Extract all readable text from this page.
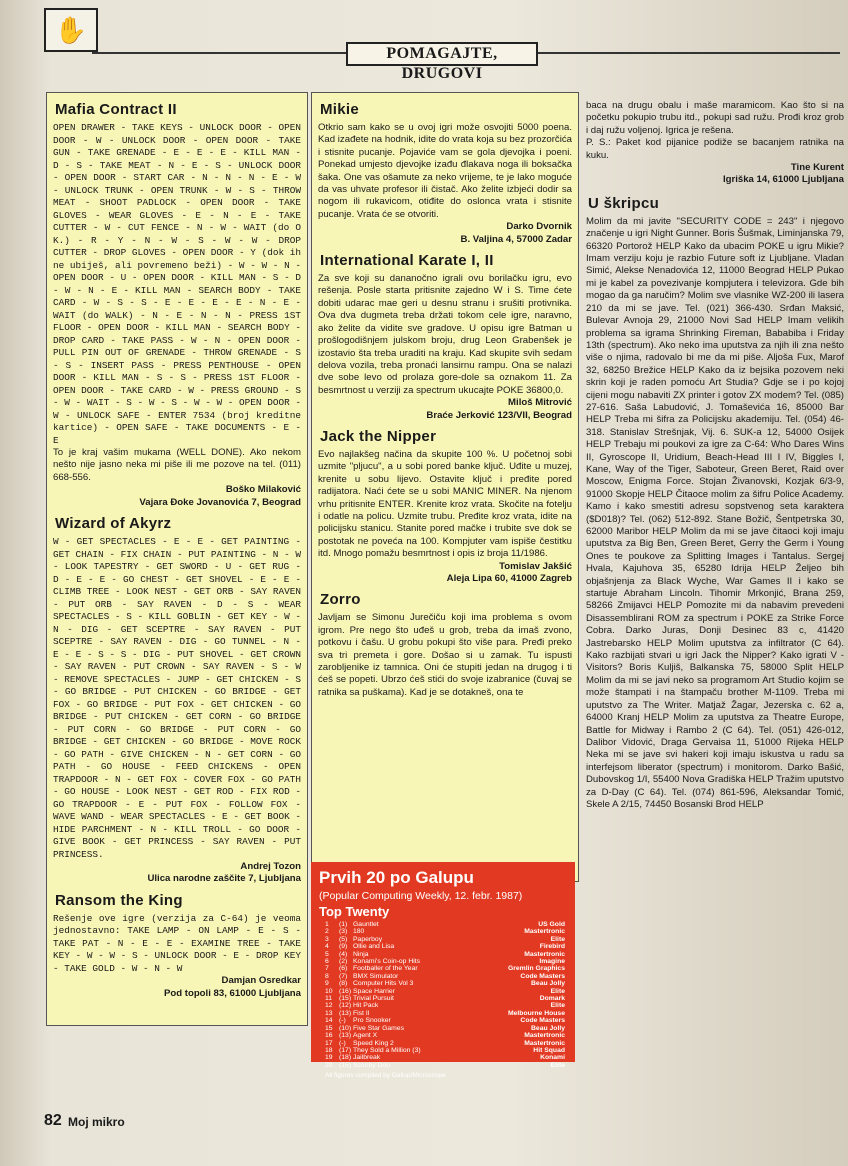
✋
POMAGAJTE, DRUGOVI
Mafia Contract II

OPEN DRAWER - TAKE KEYS - UNLOCK DOOR - OPEN DOOR - W - UNLOCK DOOR - OPEN DOOR - TAKE GUN - TAKE GRENADE - E - E - E - KILL MAN - D - S - TAKE MEAT - N - E - S - UNLOCK DOOR - OPEN DOOR - START CAR - N - N - N - E - W - UNLOCK TRUNK - OPEN TRUNK - W - S - THROW MEAT - SHOOT PADLOCK - OPEN DOOR - TAKE GLOVES - WEAR GLOVES - E - N - E - TAKE CUTTER - W - CUT FENCE - N - W - WAIT (do O K.) - R - Y - N - W - S - W - W - DROP CUTTER - DROP GLOVES - OPEN DOOR - Y (dok ih ne ubiješ, ali povremeno beži) - W - W - N - OPEN DOOR - U - OPEN DOOR - KILL MAN - S - D - W - N - E - KILL MAN - SEARCH BODY - TAKE CARD - W - S - S - E - E - E - E - N - E - WAIT (do WALK) - N - E - N - N - PRESS 1ST FLOOR - OPEN DOOR - KILL MAN - SEARCH BODY - DROP CARD - TAKE PASS - W - N - OPEN DOOR - PULL PIN OUT OF GRENADE - THROW GRENADE - S - S - INSERT PASS - PRESS PENTHOUSE - OPEN DOOR - KILL MAN - S - S - PRESS 1ST FLOOR - OPEN DOOR - TAKE CARD - W - PRESS GROUND - S - W - WAIT - S - W - S - W - W - OPEN DOOR - W - UNLOCK SAFE - ENTER 7534 (broj kreditne kartice) - OPEN SAFE - TAKE DOCUMENTS - E - E

To je kraj vašim mukama (WELL DONE). Ako nekom nešto nije jasno neka mi piše ili me pozove na tel. (011) 668-556.

Boško Milaković

Vajara Đoke Jovanovića 7, Beograd

Wizard of Akyrz

W - GET SPECTACLES - E - E - GET PAINTING - GET CHAIN - FIX CHAIN - PUT PAINTING - N - W - LOOK TAPESTRY - GET SWORD - U - GET RUG - D - E - E - GO CHEST - GET SHOVEL - E - E - CLIMB TREE - LOOK NEST - GET ORB - SAY RAVEN - PUT ORB - SAY RAVEN - D - S - WEAR SPECTACLES - S - KILL GOBLIN - GET KEY - W - N - DIG - GET SCEPTRE - SAY RAVEN - PUT SCEPTRE - SAY RAVEN - DIG - GO TUNNEL - N - E - E - S - S - DIG - PUT SHOVEL - GET CROWN - SAY RAVEN - PUT CROWN - SAY RAVEN - S - W - REMOVE SPECTACLES - JUMP - GET CHICKEN - S - GO BRIDGE - PUT CHICKEN - GO BRIDGE - GET FOX - GO BRIDGE - PUT FOX - GET CHICKEN - GO BRIDGE - PUT CHICKEN - GET CORN - GO BRIDGE - PUT CORN - GO BRIDGE - PUT CORN - GO BRIDGE - GET CHICKEN - GO BRIDGE - MOVE ROCK - GO PATH - GIVE CHICKEN - N - GET CORN - GO PATH - GO HOUSE - FEED CHICKENS - OPEN TRAPDOOR - N - GET FOX - COVER FOX - GO PATH - GO HOUSE - LOOK NEST - GET ROD - FIX ROD - GO TRAPDOOR - E - PUT FOX - FOLLOW FOX - WAVE WAND - WEAR SPECTACLES - E - GET BOOK - HIDE PARCHMENT - N - KILL TROLL - GO DOOR - GIVE BOOK - GET PRINCESS - SAY RAVEN - PUT PRINCESS.

Andrej Tozon

Ulica narodne zaščite 7, Ljubljana

Ransom the King

Rešenje ove igre (verzija za C-64) je veoma jednostavno: TAKE LAMP - ON LAMP - E - S - TAKE PAT - N - E - E - EXAMINE TREE - TAKE KEY - W - W - S - UNLOCK DOOR - E - DROP KEY - TAKE GOLD - W - N - W

Damjan Osredkar

Pod topoli 83, 61000 Ljubljana

Mikie

Otkrio sam kako se u ovoj igri može osvojiti 5000 poena. Kad izađete na hodnik, idite do vrata koja su bez prozorčića i stisnite pucanje. Pojaviće vam se gola djevojka i poeni. Ponekad umjesto djevojke izađu đlakava noga ili boksačka šaka. One vas ošamute za neko vrijeme, te je lako moguće da vas uhvate profesor ili čistač. Ako želite izbjeći dodir sa nogom ili rukavicom, otiđite do oslonca vrata i stisnite pucanje. Vrata će se otvoriti.

Darko Dvornik

B. Valjina 4, 57000 Zadar

International Karate I, II

Za sve koji su dananočno igrali ovu borilačku igru, evo rešenja. Posle starta pritisnite zajedno W i S. Time ćete dobiti udarac mae geri u desnu stranu i srušiti protivnika. Ova dva dugmeta treba držati tokom cele igre, naravno, ako želite da vidite sve gradove. U opisu igre Batman u prošlogodišnjem julskom broju, drug Leon Grabenšek je izostavio šta treba uraditi na kraju. Kad skupite svih sedam delova vozila, treba pronaći lansirnu rampu. Ona se nalazi dve sobe levo od prolaza gore-dole sa oznakom 11. Za besmrtnost u verziji za spectrum ukucajte POKE 36800,0.

Miloš Mitrović

Braće Jerković 123/VII, Beograd

Jack the Nipper

Evo najlakšeg načina da skupite 100 %. U početnoj sobi uzmite "pljucu", a u sobi pored banke ključ. Uđite u muzej, krenite u sobu lijevo. Ostavite ključ i pređite pored radijatora. Naći ćete se u sobi MANIC MINER. Na njenom vrhu pritisnite ENTER. Krenite kroz vrata. Skočite na fotelju i odatle na policu. Uzmite trubu. Pređite kroz vrata, idite na policijsku stanicu. Stanite pored mačke i trubite sve dok se postotak ne poveća na 100. Kompjuter vam ispiše čestitku itd. Mnogo pomažu besmrtnost i opis iz broja 11/1986.

Tomislav Jakšić

Aleja Lipa 60, 41000 Zagreb

Zorro

Javljam se Simonu Jurečiču koji ima problema s ovom igrom. Pre nego što uđeš u grob, treba da imaš zvono, potkovu i čašu. U grobu pokupi što više para. Pređi preko sva tri premeta i gore. Došao si u zamak. Tu ispusti zarobljenike iz tamnica. Oni će stupiti jedan na drugog i ti ćeš se popeti. Ubrzo ćeš stići do svoje izabranice (čuvaj se ratnika sa puškama). Kad je se dotakneš, ona te

Prvih 20 po Galupu
(Popular Computing Weekly, 12. febr. 1987)
Top Twenty
1	(1) Gauntlet	US Gold
2	(3) 180	Mastertronic
3	(5) Paperboy	Elite
4	(9) Ollie and Lisa	Firebird
5	(4) Ninja	Mastertronic
6	(2) Konami's Coin-op Hits	Imagine
7	(6) Footballer of the Year	Gremlin Graphics
8	(7) BMX Simulator	Code Masters
9	(8) Computer Hits Vol 3	Beau Jolly
10 (16) Space Harrier	Elite
11	(15) Trivial Pursuit	Domark
12 (12) Hit Pack	Elite
13 (13) Fist II	Melbourne House
14 (-)	Pro Snooker	Code Masters
15 (10) Five Star Games	Beau Jolly
16 (13) Agent X	Mastertronic
17 (-)	Speed King 2	Mastertronic
18 (17) They Sold a Million (3)	Hit Squad
19 (18) Jailbreak	Konami
20 (15) Scooby Doo	Elite
All figures compiled by Gallup/Microscope

baca na drugu obalu i maše maramicom. Kao što si na početku pokupio trubu itd., pokupi sad ružu. Prođi kroz grob i daj ružu voljenoj. Igrica je rešena.

P. S.: Paket kod pijanice podiže se bacanjem ratnika na kuku.

Tine Kurent

Igriška 14, 61000 Ljubljana

U škripcu

Molim da mi javite "SECURITY CODE = 243" i njegovo značenje u igri Night Gunner. Boris Šušmak, Liminjanska 79, 66320 Portorož HELP Kako da ubacim POKE u igru Mikie? Imam verziju koju je razbio Future soft iz Ljubljane. Vladan Simić, Alekse Nenadovića 12, 11000 Beograd HELP Pukao mi je kabel za povezivanje kompjutera i televizora. Gde bih mogao da ga naručim? Molim sve vlasnike WZ-200 ili lasera 210 da mi se jave. Tel. (021) 366-430. Srđan Maksić, Bulevar Avnoja 29, 21000 Novi Sad HELP Imam velikih problema sa igrama Shrinking Fireman, Bababiba i Friday 13th (spectrum). Ako neko ima uputstva za njih ili zna nešto više o njima, radovalo bi me da mi piše. Aljoša Fux, Marof 32, 68250 Brežice HELP Kako da iz bejsika pozovem neki skrin koji je raden pomoću Art Studia? Gdje se i po kojoj cijeni mogu nabaviti ZX printer i gotov ZX modem? Tel. (085) 27-616. Saša Labudović, J. Tomaševića 16, 85000 Bar HELP Treba mi šifra za Policijsku akademiju. Tel. (054) 46-318. Stanislav Strešnjak, Vij. 6. SUK-a 12, 54000 Osijek HELP Trebaju mi poukovi za igre za C-64: Who Dares Wins II, Gyroscope II, Uridium, Beach-Head III I IV, Biggles I, Kane, Way of the Tiger, Saboteur, Green Beret, Raid over Moscow, Enigma Force. Stojan Živanovski, Kozjak 6/3-9, 91000 Skopje HELP Čitaoce molim za šifru Police Academy. Kamo i kako smestiti adresu sopstvenog seta karaktera ($D018)? Tel. (062) 512-892. Stane Božič, Šentpetrska 30, 62000 Maribor HELP Molim da mi se jave čitaoci koji imaju uputstva za Big Ben, Green Beret, Gerry the Germ i Young Ones te poukove za Splitting Images i Tantalus. Sergej Hvala, Kajuhova 35, 65280 Idrija HELP Željeo bih objašnjenja za Black Wyche, War Games II i kako se startuje Abraham Lincoln. Tihomir Mrkonjić, Brana 259, 58266 Zmijavci HELP Pomozite mi da nabavim prevedeni Disassemblirani ROM za spectrum i POKE za Strike Force Cobra. Darko Juras, Donji Desinec 83 c, 41420 Jastrebarsko HELP Molim uputstva za infiltrator (C 64). Kako razbijati stvari u igri Jack the Nipper? Kako igrati V - Visitors? Boris Kuljiš, Balkanska 75, 58000 Split HELP Molim da mi se javi neko sa programom Art Studio kojim se može štampati i na štampaču brother M-1109. Treba mi uputstvo za The Writer. Matjaž Žagar, Jezerska c. 62 a, 64000 Kranj HELP Molim za uputstva za Theatre Europe, Battle for Midway i Rambo 2 (C 64). Tel. (051) 426-012, Dalibor Vidović, Draga Gervaisa 11, 51000 Rijeka HELP Neka mi se jave svi hakeri koji imaju iskustva u radu sa interfejsom liberator (spectrum) i monitorom. Darko Bašić, Dubovskog 1/I, 55400 Nova Gradiška HELP Tražim uputstvo za D-Day (C 64). Tel. (074) 861-596, Aleksandar Tomić, Skele A 2/15, 74450 Bosanski Brod HELP

82 Moj mikro
